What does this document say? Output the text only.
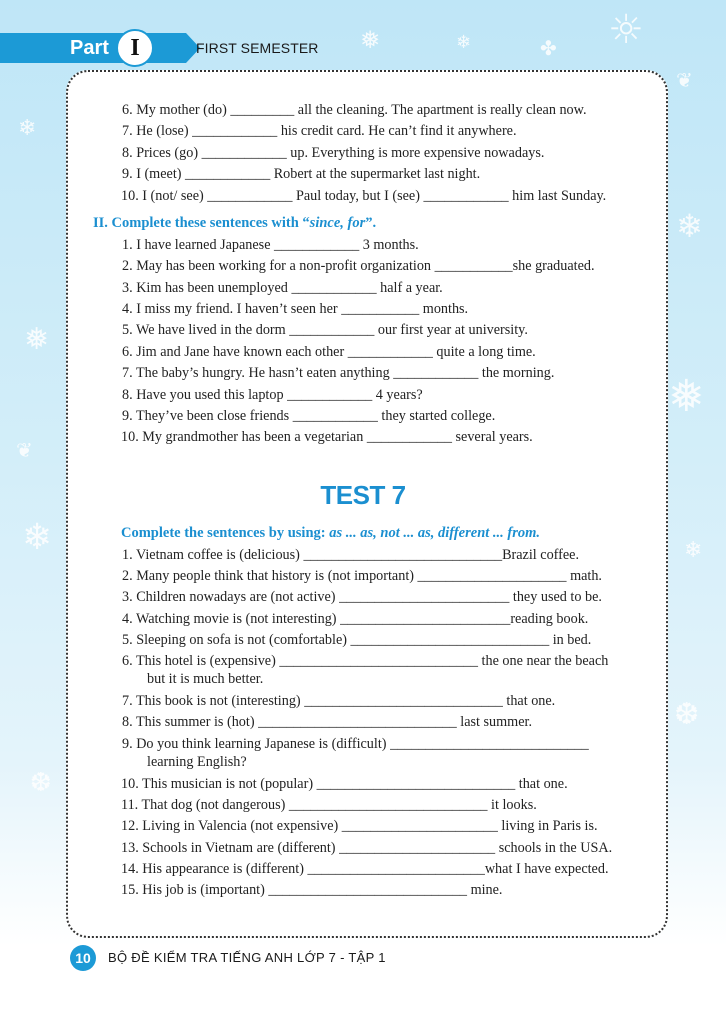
❄
❅
❄
❆
❄
❅
❄
❆
❄
❅	✤ ☼
❦
❦
Part I	FIRST SEMESTER
6. My mother (do) _________ all the cleaning. The apartment is really clean now.
7. He (lose) ____________ his credit card. He can’t find it anywhere.
8. Prices (go) ____________ up. Everything is more expensive nowadays.
9. I (meet) ____________ Robert at the supermarket last night.
10. I (not/ see) ____________ Paul today, but I (see) ____________ him last Sunday.
II. Complete these sentences with “since, for”.
1. I have learned Japanese ____________ 3 months.
2. May has been working for a non-profit organization ___________she graduated.
3. Kim has been unemployed ____________ half a year.
4. I miss my friend. I haven’t seen her ___________ months.
5. We have lived in the dorm ____________ our first year at university.
6. Jim and Jane have known each other ____________ quite a long time.
7. The baby’s hungry. He hasn’t eaten anything ____________ the morning.
8. Have you used this laptop ____________ 4 years?
9. They’ve been close friends ____________ they started college.
10. My grandmother has been a vegetarian ____________ several years.
TEST 7
Complete the sentences by using: as ... as, not ... as, different ... from.
1. Vietnam coffee is (delicious) ____________________________Brazil coffee.
2. Many people think that history is (not important) _____________________ math.
3. Children nowadays are (not active) ________________________ they used to be.
4. Watching movie is (not interesting) ________________________reading book.
5. Sleeping on sofa is not (comfortable) ____________________________ in bed.
6. This hotel is (expensive) ____________________________ the one near the beach
but it is much better.
7. This book is not (interesting) ____________________________ that one.
8. This summer is (hot) ____________________________ last summer.
9. Do you think learning Japanese is (difficult) ____________________________
learning English?
10. This musician is not (popular) ____________________________ that one.
11. That dog (not dangerous) ____________________________ it looks.
12. Living in Valencia (not expensive) ______________________ living in Paris is.
13. Schools in Vietnam are (different) ______________________ schools in the USA.
14. His appearance is (different) _________________________what I have expected.
15. His job is (important) ____________________________ mine.
10	BỘ ĐỀ KIỂM TRA TIẾNG ANH LỚP 7 - TẬP 1
